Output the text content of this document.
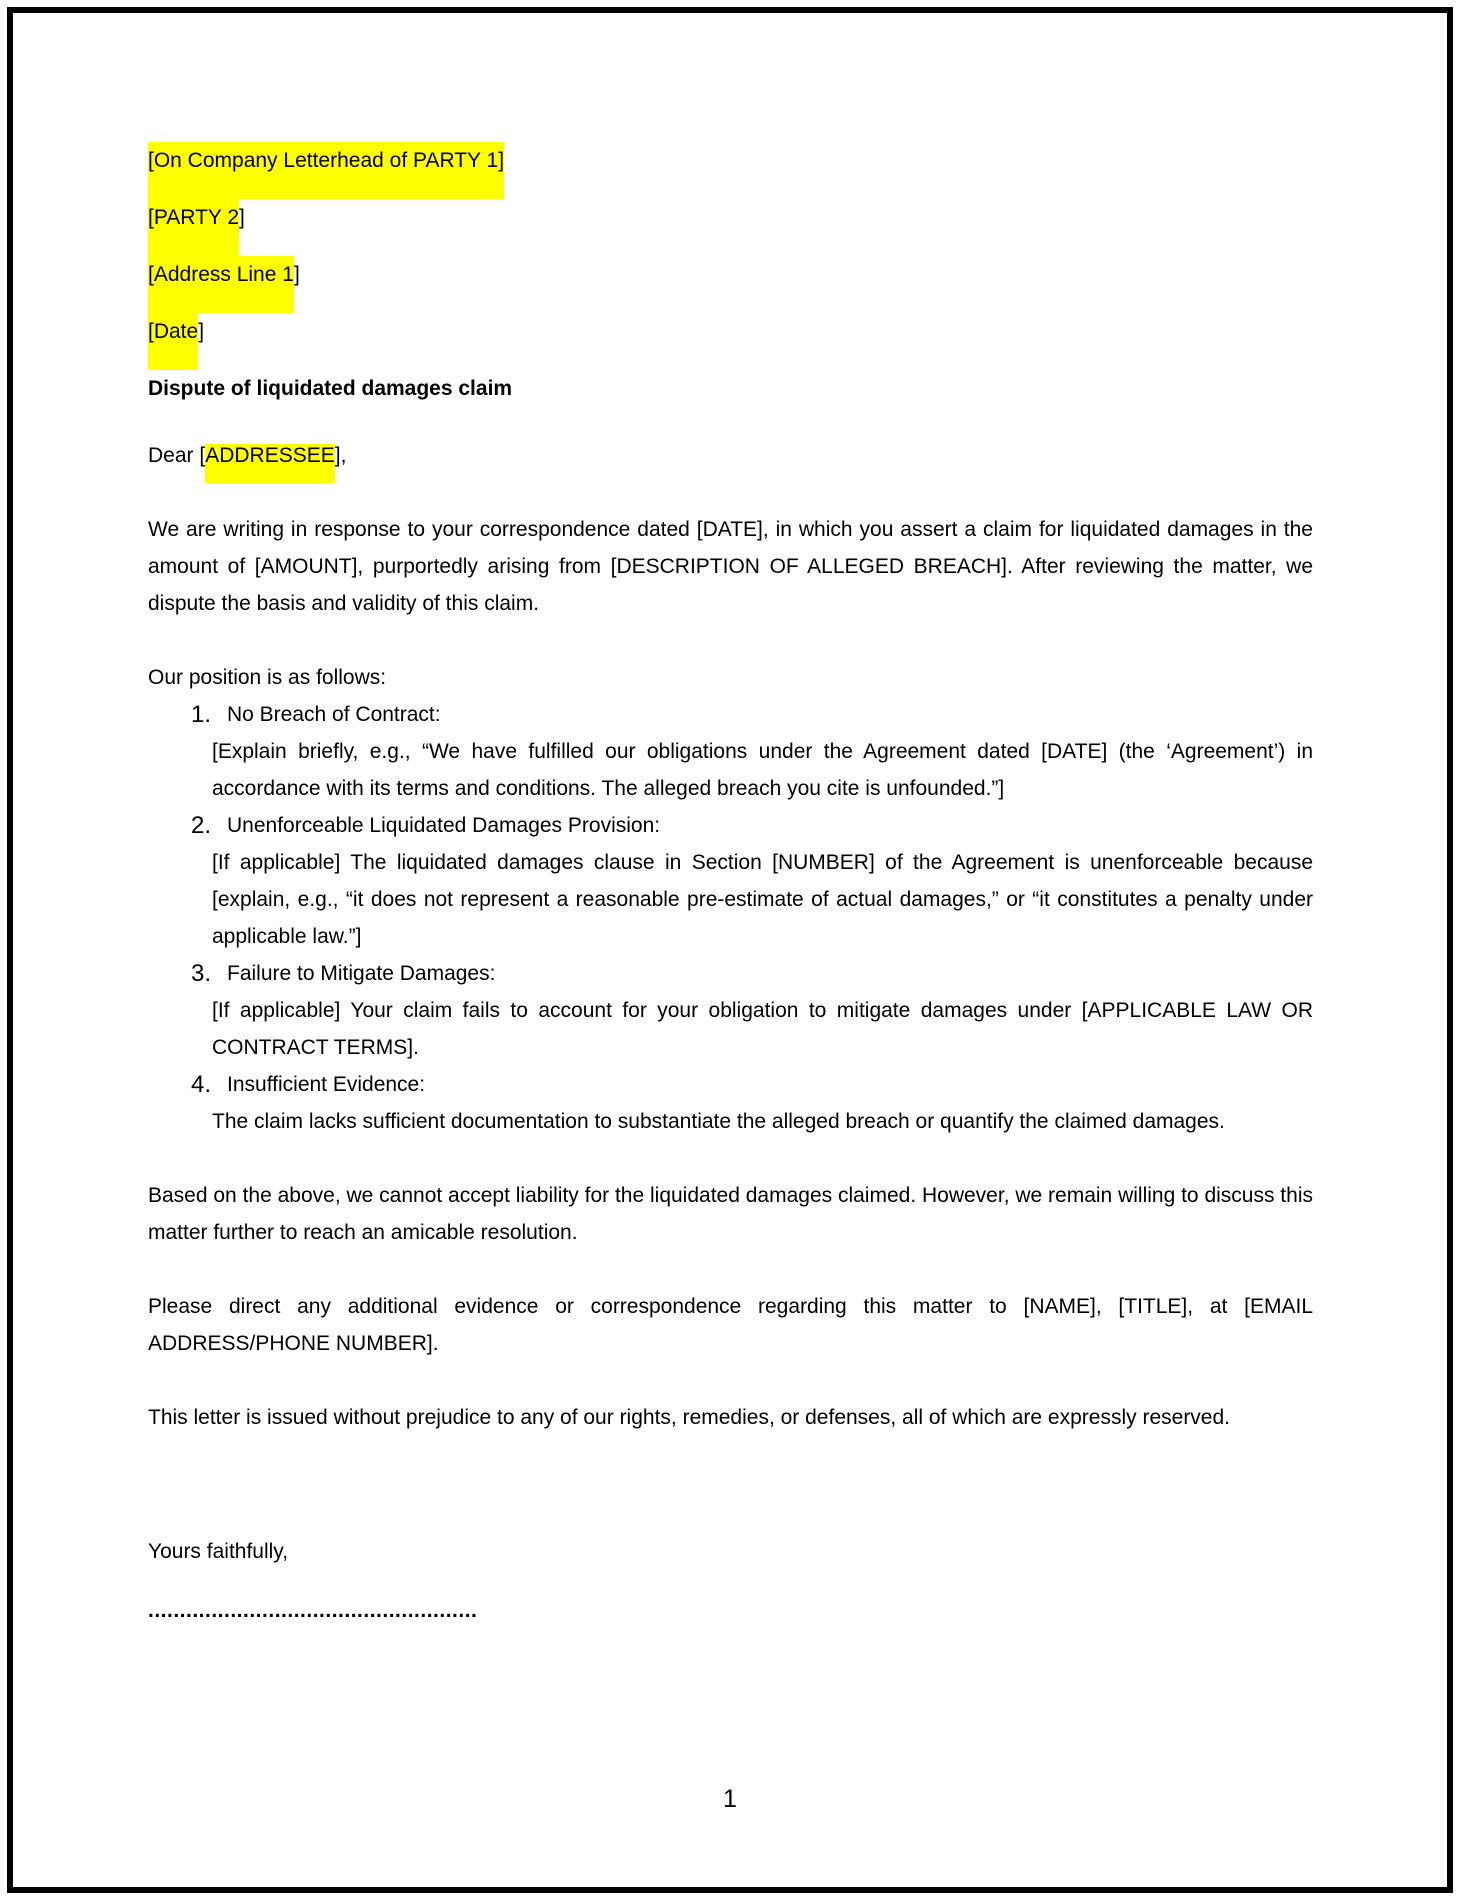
[On Company Letterhead of PARTY 1]
[PARTY 2]
[Address Line 1]
[Date]
Dispute of liquidated damages claim
Dear [ADDRESSEE],

We are writing in response to your correspondence dated [DATE], in which you assert a claim for liquidated damages in the amount of [AMOUNT], purportedly arising from [DESCRIPTION OF ALLEGED BREACH]. After reviewing the matter, we dispute the basis and validity of this claim.

Our position is as follows:
1. No Breach of Contract:
[Explain briefly, e.g., “We have fulfilled our obligations under the Agreement dated [DATE] (the ‘Agreement’) in accordance with its terms and conditions. The alleged breach you cite is unfounded.”]
2. Unenforceable Liquidated Damages Provision:
[If applicable] The liquidated damages clause in Section [NUMBER] of the Agreement is unenforceable because [explain, e.g., “it does not represent a reasonable pre-estimate of actual damages,” or “it constitutes a penalty under applicable law.”]
3. Failure to Mitigate Damages:
[If applicable] Your claim fails to account for your obligation to mitigate damages under [APPLICABLE LAW OR CONTRACT TERMS].
4. Insufficient Evidence:
The claim lacks sufficient documentation to substantiate the alleged breach or quantify the claimed damages.

Based on the above, we cannot accept liability for the liquidated damages claimed. However, we remain willing to discuss this matter further to reach an amicable resolution.

Please direct any additional evidence or correspondence regarding this matter to [NAME], [TITLE], at [EMAIL ADDRESS/PHONE NUMBER].

This letter is issued without prejudice to any of our rights, remedies, or defenses, all of which are expressly reserved.

Yours faithfully,
....................................................
1
